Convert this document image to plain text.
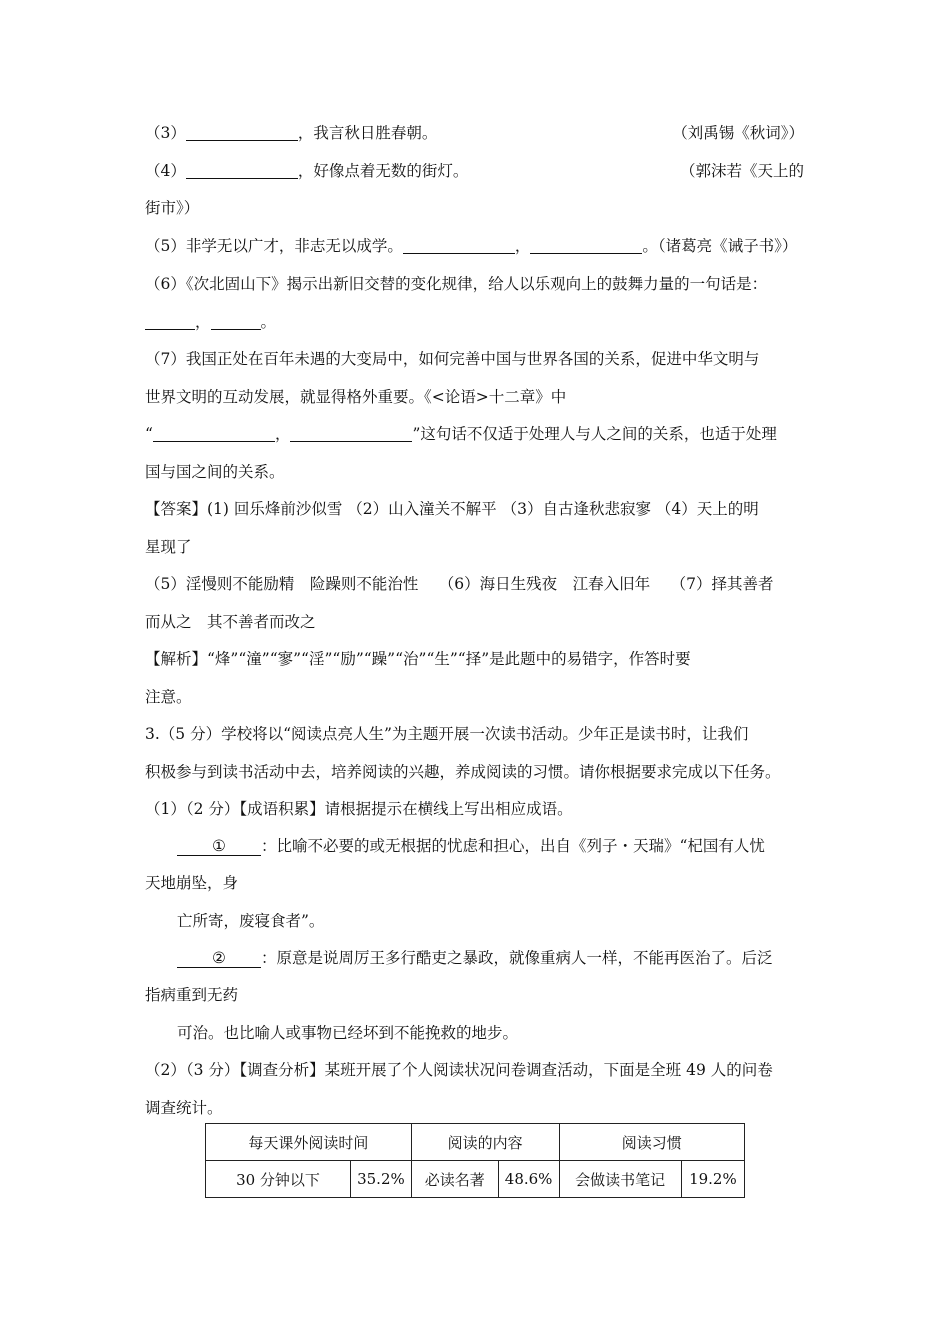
（3）	，我言秋日胜春朝。	（刘禹锡《秋词》）
（4）	，好像点着无数的街灯。	（郭沫若《天上的
街市》）
（5）非学无以广才，非志无以成学。	，	。（诸葛亮《诫子书》）
（6）《次北固山下》揭示出新旧交替的变化规律，给人以乐观向上的鼓舞力量的一句话是：
，	。
（7）我国正处在百年未遇的大变局中，如何完善中国与世界各国的关系，促进中华文明与
世界文明的互动发展，就显得格外重要。《<论语>十二章》中
“	，	”这句话不仅适于处理人与人之间的关系，也适于处理
国与国之间的关系。
【答案】(1) 回乐烽前沙似雪 （2）山入潼关不解平 （3）自古逢秋悲寂寥 （4）天上的明
星现了
（5）淫慢则不能励精　险躁则不能治性　 （6）海日生残夜　江春入旧年　 （7）择其善者
而从之　其不善者而改之
【解析】“烽”“潼”“寥”“淫”“励”“躁”“治”“生”“择”是此题中的易错字，作答时要
注意。
3.（5 分）学校将以“阅读点亮人生”为主题开展一次读书活动。少年正是读书时，让我们
积极参与到读书活动中去，培养阅读的兴趣，养成阅读的习惯。请你根据要求完成以下任务。
（1）（2 分）【成语积累】请根据提示在横线上写出相应成语。
① ：比喻不必要的或无根据的忧虑和担心，出自《列子・天瑞》“杞国有人忧
天地崩坠，身
亡所寄，废寝食者”。
② ：原意是说周厉王多行酷吏之暴政，就像重病人一样，不能再医治了。后泛
指病重到无药
可治。也比喻人或事物已经坏到不能挽救的地步。
（2）（3 分）【调查分析】某班开展了个人阅读状况问卷调查活动，下面是全班 49 人的问卷
调查统计。
每天课外阅读时间		阅读的内容		阅读习惯	
30 分钟以下	35.2%	必读名著	48.6%	会做读书笔记	19.2%
